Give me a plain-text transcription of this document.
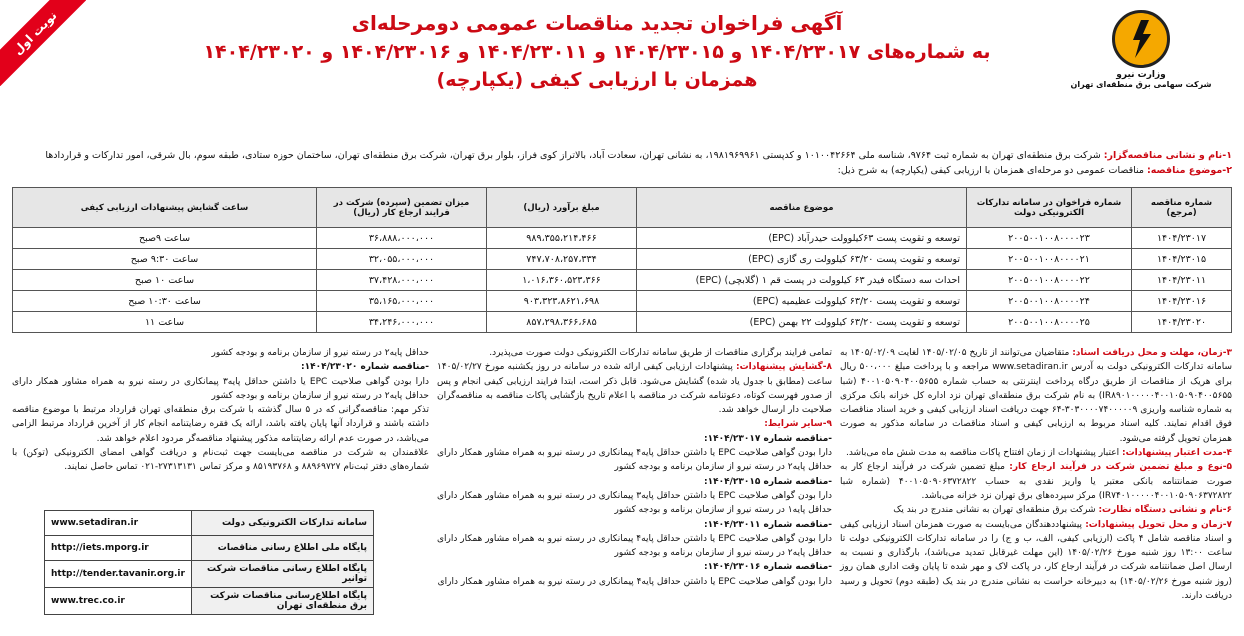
نوبت اول
وزارت نیرو
شرکت سهامی برق منطقه‌ای تهران
آگهی فراخوان تجدید مناقصات عمومی دومرحله‌ای
به شماره‌های ۱۴۰۴/۲۳۰۱۷ و ۱۴۰۴/۲۳۰۱۵ و ۱۴۰۴/۲۳۰۱۱ و ۱۴۰۴/۲۳۰۱۶ و ۱۴۰۴/۲۳۰۲۰
همزمان با ارزیابی کیفی (یکپارچه)
۱-نام و نشانی مناقصه‌گزار: شرکت برق منطقه‌ای تهران به شماره ثبت ۹۷۶۴، شناسه ملی ۱۰۱۰۰۴۲۶۶۴ و کدپستی ۱۹۸۱۹۶۹۹۶۱، به نشانی تهران، سعادت آباد، بالاتراز کوی فراز، بلوار برق تهران، شرکت برق منطقه‌ای تهران، ساختمان حوزه ستادی، طبقه سوم، بال شرقی، امور تدارکات و قراردادها
۲-موضوع مناقصه: مناقصات عمومی دو مرحله‌ای همزمان با ارزیابی کیفی (یکپارچه) به شرح ذیل:
شماره مناقصه (مرجع)	شماره فراخوان در سامانه تدارکات الکترونیکی دولت	موضوع مناقصه	مبلغ برآورد (ریال)	میزان تضمین (سپرده) شرکت در فرایند ارجاع کار (ریال)	ساعت گشایش پیشنهادات ارزیابی کیفی
۱۴۰۴/۲۳۰۱۷	۲۰۰۵۰۰۱۰۰۸۰۰۰۰۲۳	توسعه و تقویت پست ۶۳کیلوولت حیدرآباد (EPC)	۹۸۹،۳۵۵،۲۱۴،۴۶۶	۳۶،۸۸۸،۰۰۰،۰۰۰	ساعت ۹صبح
۱۴۰۴/۲۳۰۱۵	۲۰۰۵۰۰۱۰۰۸۰۰۰۰۲۱	توسعه و تقویت پست ۶۳/۲۰ کیلوولت ری گازی (EPC)	۷۴۷،۷۰۸،۲۵۷،۳۳۴	۳۲،۰۵۵،۰۰۰،۰۰۰	ساعت ۹:۳۰ صبح
۱۴۰۴/۲۳۰۱۱	۲۰۰۵۰۰۱۰۰۸۰۰۰۰۲۲	احداث سه دستگاه فیدر ۶۳ کیلوولت در پست قم ۱ (گلابچی) (EPC)	۱،۰۱۶،۳۶۰،۵۲۳،۳۶۶	۳۷،۴۲۸،۰۰۰،۰۰۰	ساعت ۱۰ صبح
۱۴۰۴/۲۳۰۱۶	۲۰۰۵۰۰۱۰۰۸۰۰۰۰۲۴	توسعه و تقویت پست ۶۳/۲۰ کیلوولت عظیمیه (EPC)	۹۰۳،۳۲۳،۸۶۲۱،۶۹۸	۳۵،۱۶۵،۰۰۰،۰۰۰	ساعت ۱۰:۳۰ صبح
۱۴۰۴/۲۳۰۲۰	۲۰۰۵۰۰۱۰۰۸۰۰۰۰۲۵	توسعه و تقویت پست ۶۳/۲۰ کیلوولت ۲۲ بهمن (EPC)	۸۵۷،۲۹۸،۳۶۶،۶۸۵	۳۴،۲۴۶،۰۰۰،۰۰۰	ساعت ۱۱
۳-زمان، مهلت و محل دریافت اسناد: متقاضیان می‌توانند از تاریخ ۱۴۰۵/۰۲/۰۵ لغایت ۱۴۰۵/۰۲/۰۹ به سامانه تدارکات الکترونیکی دولت به آدرس www.setadiran.ir مراجعه و با پرداخت مبلغ ۵۰۰،۰۰۰ ریال برای هریک از مناقصات از طریق درگاه پرداخت اینترنتی به حساب شماره ۴۰۰۱۰۵۰۹۰۴۰۰۵۶۵۵ (شبا IR۸۹۰۱۰۰۰۰۰۴۰۰۱۰۵۰۹۰۴۰۰۵۶۵۵) به نام شرکت برق منطقه‌ای تهران نزد اداره کل خزانه بانک مرکزی به شماره شناسه واریزی ۳۰۳۰۰۰۰۷۴۰۰۰۰۰۹-۶۴ جهت دریافت اسناد ارزیابی کیفی و خرید اسناد مناقصات فوق اقدام نمایند. کلیه اسناد مربوط به ارزیابی کیفی و اسناد مناقصات در سامانه مذکور به صورت همزمان تحویل گرفته می‌شود.
۴-مدت اعتبار پیشنهادات: اعتبار پیشنهادات از زمان افتتاح پاکات مناقصه به مدت شش ماه می‌باشد.
۵-نوع و مبلغ تضمین شرکت در فرآیند ارجاع کار: مبلغ تضمین شرکت در فرآیند ارجاع کار به صورت ضمانتنامه بانکی معتبر یا واریز نقدی به حساب ۴۰۰۱۰۵۰۹۰۶۳۷۲۸۲۲ (شماره شبا IR۷۴۰۱۰۰۰۰۰۴۰۰۱۰۵۰۹۰۶۳۷۲۸۲۲) مرکز سپرده‌های برق تهران نزد خزانه می‌باشد.
۶-نام و نشانی دستگاه نظارت: شرکت برق منطقه‌ای تهران به نشانی مندرج در بند یک
۷-زمان و محل تحویل پیشنهادات: پیشنهاددهندگان می‌بایست به صورت همزمان اسناد ارزیابی کیفی و اسناد مناقصه شامل ۴ پاکت (ارزیابی کیفی، الف، ب و ج) را در سامانه تدارکات الکترونیکی دولت تا ساعت ۱۳:۰۰ روز شنبه مورخ ۱۴۰۵/۰۲/۲۶ (این مهلت غیرقابل تمدید می‌باشد)، بارگذاری و نسبت به ارسال اصل ضمانتنامه شرکت در فرآیند ارجاع کار، در پاکت لاک و مهر شده تا پایان وقت اداری همان روز (روز شنبه مورخ ۱۴۰۵/۰۲/۲۶) به دبیرخانه حراست به نشانی مندرج در بند یک (طبقه دوم) تحویل و رسید دریافت دارند.
تمامی فرایند برگزاری مناقصات از طریق سامانه تدارکات الکترونیکی دولت صورت می‌پذیرد.
۸-گشایش پیشنهادات: پیشنهادات ارزیابی کیفی ارائه شده در سامانه در روز یکشنبه مورخ ۱۴۰۵/۰۲/۲۷ ساعت (مطابق با جدول یاد شده) گشایش می‌شود. قابل ذکر است، ابتدا فرایند ارزیابی کیفی انجام و پس از صدور فهرست کوتاه، دعوتنامه شرکت در مناقصه با اعلام تاریخ بازگشایی پاکات مناقصه به مناقصه‌گران صلاحیت دار ارسال خواهد شد.
۹-سایر شرایط:
-مناقصه شماره ۱۴۰۴/۲۳۰۱۷:
دارا بودن گواهی صلاحیت EPC یا داشتن حداقل پایه۴ پیمانکاری در رسته نیرو به همراه مشاور همکار دارای حداقل پایه۲ در رسته نیرو از سازمان برنامه و بودجه کشور
-مناقصه شماره ۱۴۰۴/۲۳۰۱۵:
دارا بودن گواهی صلاحیت EPC یا داشتن حداقل پایه۳ پیمانکاری در رسته نیرو به همراه مشاور همکار دارای حداقل پایه۱ در رسته نیرو از سازمان برنامه و بودجه کشور
-مناقصه شماره ۱۴۰۴/۲۳۰۱۱:
دارا بودن گواهی صلاحیت EPC یا داشتن حداقل پایه۴ پیمانکاری در رسته نیرو به همراه مشاور همکار دارای حداقل پایه۲ در رسته نیرو از سازمان برنامه و بودجه کشور
-مناقصه شماره ۱۴۰۴/۲۳۰۱۶:
دارا بودن گواهی صلاحیت EPC یا داشتن حداقل پایه۴ پیمانکاری در رسته نیرو به همراه مشاور همکار دارای
حداقل پایه۲ در رسته نیرو از سازمان برنامه و بودجه کشور
-مناقصه شماره ۱۴۰۴/۲۳۰۲۰:
دارا بودن گواهی صلاحیت EPC یا داشتن حداقل پایه۳ پیمانکاری در رسته نیرو به همراه مشاور همکار دارای حداقل پایه۲ در رسته نیرو از سازمان برنامه و بودجه کشور
تذکر مهم: مناقصه‌گرانی که در ۵ سال گذشته با شرکت برق منطقه‌ای تهران قرارداد مرتبط با موضوع مناقصه داشته باشند و قرارداد آنها پایان یافته باشد، ارائه یک فقره رضایتنامه انجام کار از آخرین قرارداد مرتبط الزامی می‌باشد، در صورت عدم ارائه رضایتنامه مذکور پیشنهاد مناقصه‌گر مردود اعلام خواهد شد.
علاقمندان به شرکت در مناقصه می‌بایست جهت ثبت‌نام و دریافت گواهی امضای الکترونیکی (توکن) با شماره‌های دفتر ثبت‌نام ۸۸۹۶۹۷۲۷ و ۸۵۱۹۳۷۶۸ و مرکز تماس ۲۷۳۱۳۱۳۱-۰۲۱ تماس حاصل نمایند.
سامانه تدارکات الکترونیکی دولت	www.setadiran.ir
پایگاه ملی اطلاع رسانی مناقصات	http://iets.mporg.ir
پایگاه اطلاع رسانی مناقصات شرکت توانیر	http://tender.tavanir.org.ir
پایگاه اطلاع‌رسانی مناقصات شرکت برق منطقه‌ای تهران	www.trec.co.ir
